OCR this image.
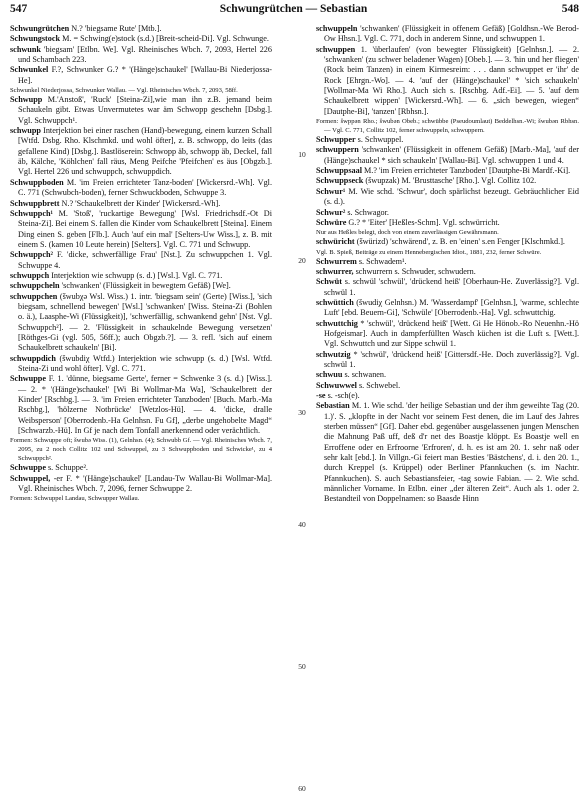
547	Schwungrütchen — Sebastian	548

Schwungrütchen N.? 'biegsame Rute' [Mtb.].

Schwungstock M. = Schwing(e)stock (s.d.) [Breit-scheid-Di]. Vgl. Schwunge.

schwunk 'biegsam' [Etlbn. We]. Vgl. Rheinisches Wbch. 7, 2093, Hertel 226 und Schambach 223.

Schwunkel F.?, Schwunker G.? * '(Hänge)schaukel' [Wallau-Bi Niederjossa-He].

Schwunkel Niederjossa, Schwunker Wallau. — Vgl. Rheinisches Wbch. 7, 2093, 58ff.

Schwupp M.'Anstoß', 'Ruck' [Steina-Zi],wie man ihn z.B. jemand beim Schaukeln gibt. Etwas Unvermutetes war äm Schwopp geschehn [Dsbg.]. Vgl. Schwuppch¹.

schwupp Interjektion bei einer raschen (Hand)-bewegung, einem kurzen Schall [Wtfd. Dsbg. Rho. Klschmkd. und wohl öfter], z. B. schwopp, do leits (das gefallene Kind) [Dsbg.]. Bastlöserein: Schwopp äb, schwopp äb, Deckel, fall äb, Kälche, 'Köhlchen' fall räus, Meng Peifche 'Pfeifchen' es äus [Obgzb.]. Vgl. Hertel 226 und schwuppch, schwuppdich.

Schwuppboden M. 'im Freien errichteter Tanz-boden' [Wickersrd.-Wh]. Vgl. C. 771 (Schwubch-boden), ferner Schwuckboden, Schwuppe 3.

Schwuppbrett N.? 'Schaukelbrett der Kinder' [Wickersrd.-Wh].

Schwuppch¹ M. 'Stoß', 'ruckartige Bewegung' [Wsl. Friedrichsdf.-Ot Di Steina-Zi]. Bei einem S. fallen die Kinder vom Schaukelbrett [Steina]. Einem Ding einen S. geben [Flb.]. Auch 'auf ein mal' [Selters-Uw Wiss.], z. B. mit einem S. (kamen 10 Leute herein) [Selters]. Vgl. C. 771 und Schwupp.

Schwuppch² F. 'dicke, schwerfällige Frau' [Nst.]. Zu schwuppchen 1. Vgl. Schwuppe 4.

schwuppch Interjektion wie schwupp (s. d.) [Wsl.]. Vgl. C. 771.

schwuppcheln 'schwanken' (Flüssigkeit in bewegtem Gefäß) [We].

schwuppchen (šwubχə Wsl. Wiss.) 1. intr. 'biegsam sein' (Gerte) [Wiss.], 'sich biegsam, schnellend bewegen' [Wsl.] 'schwanken' [Wiss. Steina-Zi (Bohlen o. ä.), Laasphe-Wi (Flüssigkeit)], 'schwerfällig, schwankend gehn' [Nst. Vgl. Schwuppch²]. — 2. 'Flüssigkeit in schaukelnde Bewegung versetzen' [Röthges-Gi (vgl. 505, 56ff.); auch Obgzb.?]. — 3. refl. 'sich auf einem Schaukelbrett schaukeln' [Bi].

schwuppdich (šwubdiχ Wtfd.) Interjektion wie schwupp (s. d.) [Wsl. Wtfd. Steina-Zi und wohl öfter]. Vgl. C. 771.

Schwuppe F. 1. 'dünne, biegsame Gerte', ferner = Schwenke 3 (s. d.) [Wiss.]. — 2. * '(Hänge)schaukel' [Wi Bi Wollmar-Ma Wa], 'Schaukelbrett der Kinder' [Rschbg.]. — 3. 'im Freien errichteter Tanzboden' [Buch. Marb.-Ma Rschbg.], 'hölzerne Notbrücke' [Wetzlos-Hü]. — 4. 'dicke, dralle Weibsperson' [Oberrodenb.-Ha Gelnhsn. Fu Gf], „derbe ungehobelte Magd“ [Schwarzb.-Hü]. In Gf je nach dem Tonfall anerkennend oder verächtlich.

Formen: Schwuppe oft; šwubə Wiss. (1), Gelnhsn. (4); Schwubb Gf. — Vgl. Rheinisches Wbch. 7, 2095, zu 2 noch Collitz 102 und Schwuppel, zu 3 Schwuppboden und Schwicke¹, zu 4 Schwuppch².

Schwuppe s. Schuppe².

Schwuppel, -er F. * '(Hänge)schaukel' [Landau-Tw Wallau-Bi Wollmar-Ma]. Vgl. Rheinisches Wbch. 7, 2096, ferner Schwuppe 2.

Formen: Schwuppel Landau, Schwupper Wallau.

schwuppeln 'schwanken' (Flüssigkeit in offenem Gefäß) [Goldhsn.-We Berod-Ow Hhsn.]. Vgl. C. 771, doch in anderem Sinne, und schwuppen 1.

schwuppen 1. 'überlaufen' (von bewegter Flüssigkeit) [Gelnhsn.]. — 2. 'schwanken' (zu schwer beladener Wagen) [Obeb.]. — 3. 'hin und her fliegen' (Rock beim Tanzen) in einem Kirmesreim: . . . dann schwuppet er 'ihr' de Rock [Ehrgn.-Wo]. — 4. 'auf der (Hänge)schaukel' * 'sich schaukeln' [Wollmar-Ma Wi Rho.]. Auch sich s. [Rschbg. Adf.-Ei]. — 5. 'auf dem Schaukelbrett wippen' [Wickersrd.-Wh]. — 6. „sich bewegen, wiegen“ [Dautphe-Bi], 'tanzen' [Rbhsn.].

Formen: šwppən Rho.; šwubən Obeb.; schwübbe (Pseudoumlaut) Beddelhsn.-Wi; šwubən Rbhsn. — Vgl. C. 771, Collitz 102, ferner schwuppeln, schwuppern.

Schwupper s. Schwuppel.

schwuppern 'schwanken' (Flüssigkeit in offenem Gefäß) [Marb.-Ma], 'auf der (Hänge)schaukel * sich schaukeln' [Wallau-Bi]. Vgl. schwuppen 1 und 4.

Schwuppsaal M.? 'im Freien errichteter Tanzboden' [Dautphe-Bi Mardf.-Ki].

Schwuppseck (šwupzak) M. 'Brusttasche' [Rho.]. Vgl. Collitz 102.

Schwur¹ M. Wie schd. 'Schwur', doch spärlichst bezeugt. Gebräuchlicher Eid (s. d.).

Schwur² s. Schwagor.

Schwüre G.? * 'Eiter' [Heßles-Schm]. Vgl. schwürricht.

Nur aus Heßles belegt, doch von einem zuverlässigen Gewährsmann.

schwüricht (šwürizd) 'schwärend', z. B. en 'einen' s.en Fenger [Klschmkd.].

Vgl. B. Spieß, Beiträge zu einem Hennebergischen Idiot., 1881, 232, ferner Schwüre.

Schwurrem s. Schwadem¹.

schwurrer, schwurrern s. Schwuder, schwudern.

Schwüt s. schwül 'schwül', 'drückend heiß' [Oberhaun-He. Zuverlässig?]. Vgl. schwül 1.

schwüttich (šwudiχ Gelnhsn.) M. 'Wasserdampf' [Gelnhsn.], 'warme, schlechte Luft' [ebd. Beuern-Gi], 'Schwüle' [Oberrodenb.-Ha]. Vgl. schwuttchig.

schwuttchig * 'schwül', 'drückend heiß' [Wett. Gi He Hönob.-Ro Neuenhn.-Hö Hofgeismar]. Auch in dampferfüllten Wasch küchen ist die Luft s. [Wett.]. Vgl. Schwuttch und zur Sippe schwül 1.

schwutzig * 'schwül', 'drückend heiß' [Gittersdf.-He. Doch zuverlässig?]. Vgl. schwül 1.

schwuu s. schwanen.

Schwuwwel s. Schwebel.

-se s. -sch(e).

Sebastian M. 1. Wie schd. 'der heilige Sebastian und der ihm geweihte Tag (20. 1.)'. S. „klopfte in der Nacht vor seinem Fest denen, die im Lauf des Jahres sterben müssen“ [Gf]. Daher ebd. gegenüber ausgelassenen jungen Menschen die Mahnung Paß uff, deß d'r net des Boastje klöppt. Es Boastje well en Erroffene oder en Erfroorne 'Erfroren', d. h. es ist am 20. 1. sehr naß oder sehr kalt [ebd.]. In Villgn.-Gi feiert man Besties 'Bästchens', d. i. den 20. 1., durch Kreppel (s. Krüppel) oder Berliner Pfannkuchen (s. im Nachtr. Pfannkuchen). S. auch Sebastiansfeier, -tag sowie Fabian. — 2. Wie schd. männlicher Vorname. In Etlbn. einer „der älteren Zeit“. Auch als 1. oder 2. Bestandteil von Doppelnamen: so Baasde Hinn

10
20
30
40
50
60
